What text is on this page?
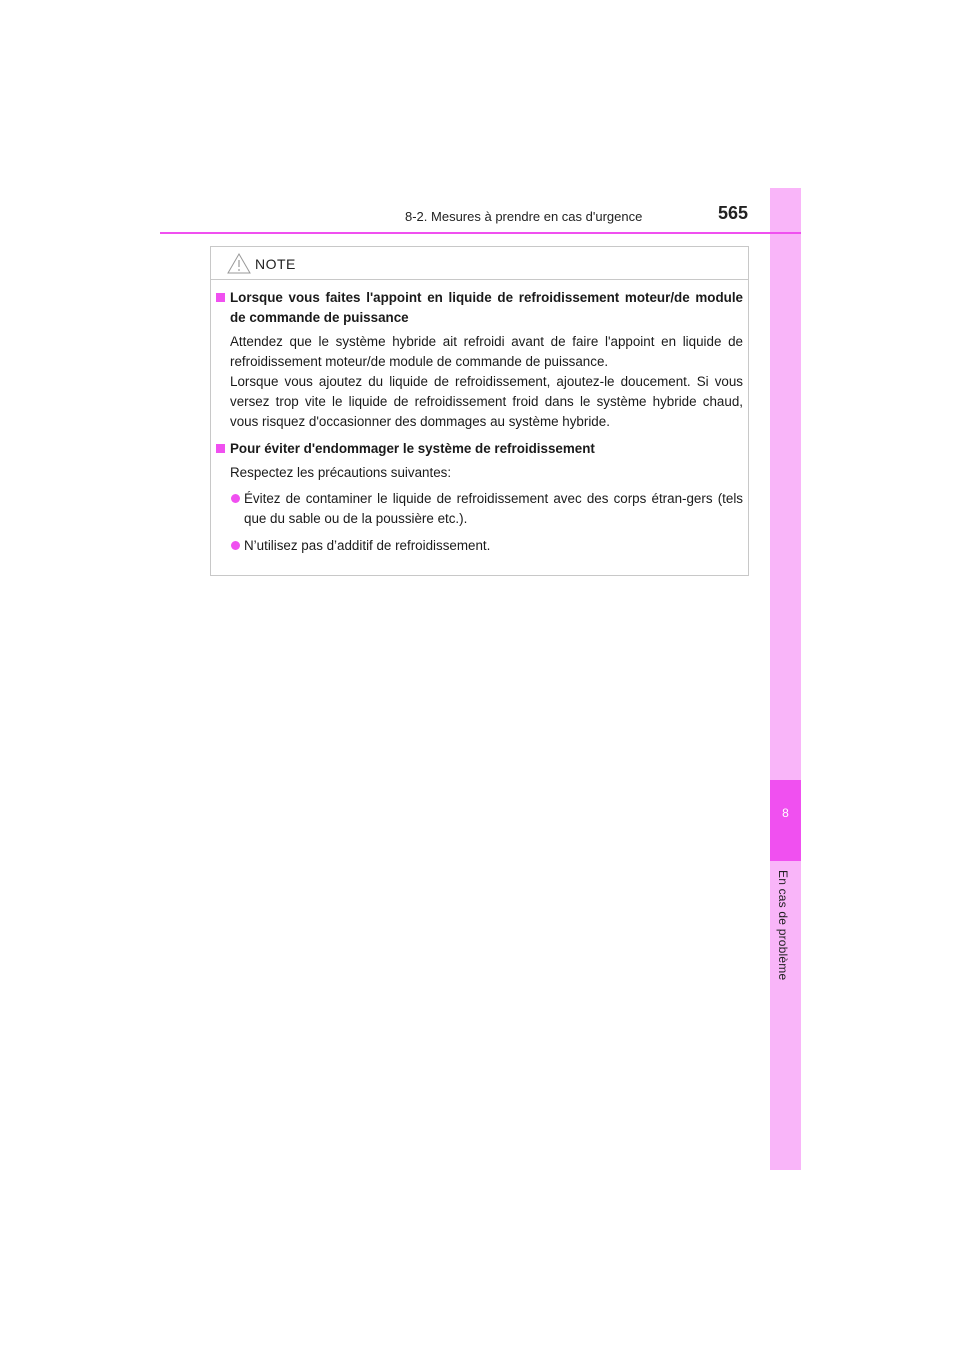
8
En cas de problème
8-2. Mesures à prendre en cas d'urgence	565
NOTE
Lorsque vous faites l'appoint en liquide de refroidissement moteur/de module de commande de puissance

Attendez que le système hybride ait refroidi avant de faire l'appoint en liquide de refroidissement moteur/de module de commande de puissance.

Lorsque vous ajoutez du liquide de refroidissement, ajoutez-le doucement. Si vous versez trop vite le liquide de refroidissement froid dans le système hybride chaud, vous risquez d'occasionner des dommages au système hybride.

Pour éviter d'endommager le système de refroidissement
Respectez les précautions suivantes:
Évitez de contaminer le liquide de refroidissement avec des corps étran-gers (tels que du sable ou de la poussière etc.).
N’utilisez pas d’additif de refroidissement.
